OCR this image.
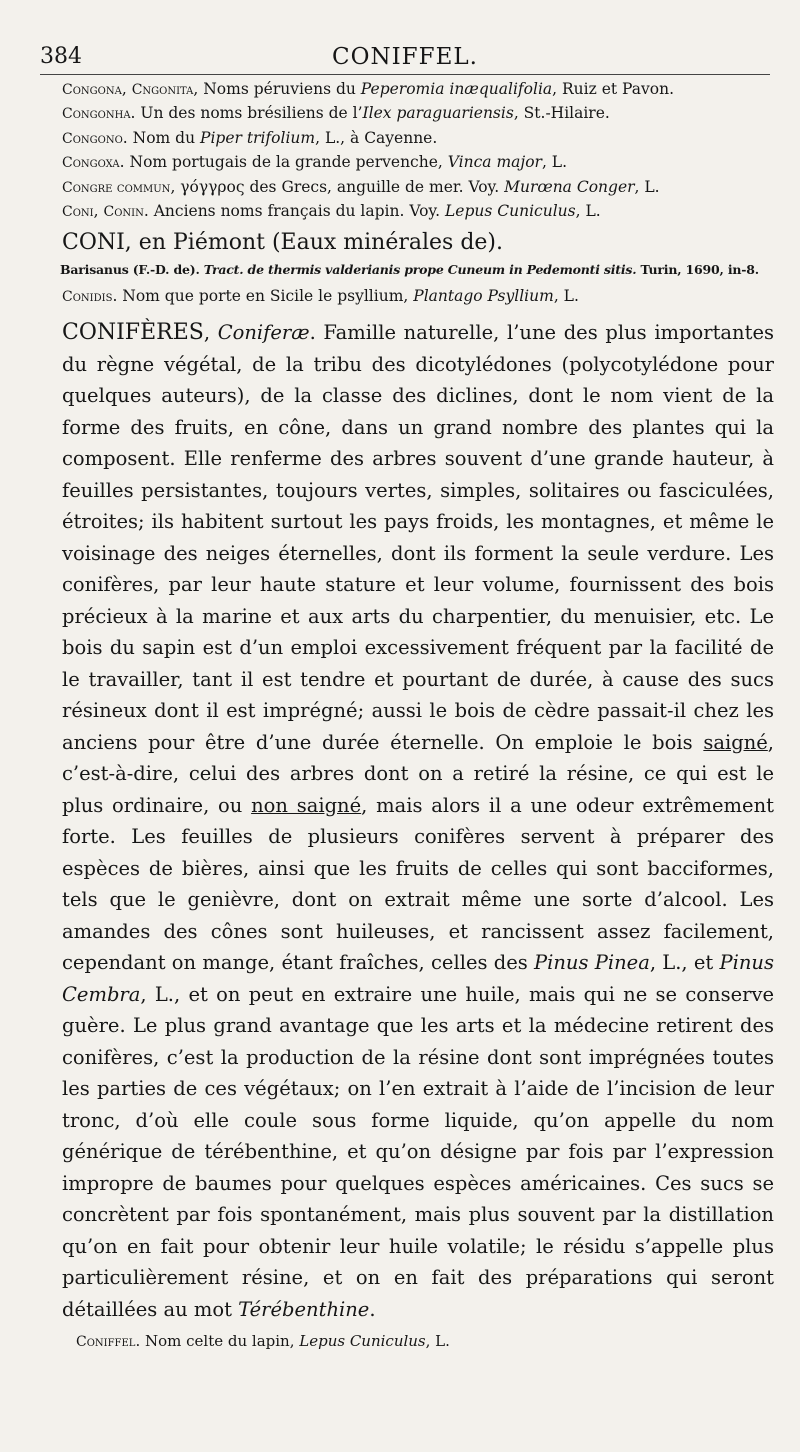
384	CONIFFEL.

Congona, Cngonita, Noms péruviens du Peperomia inæqualifolia, Ruiz et Pavon.

Congonha. Un des noms brésiliens de l’Ilex paraguariensis, St.-Hilaire.

Congono. Nom du Piper trifolium, L., à Cayenne.

Congoxa. Nom portugais de la grande pervenche, Vinca major, L.

Congre commun, γόγγρος des Grecs, anguille de mer. Voy. Murœna Conger, L.

Coni, Conin. Anciens noms français du lapin. Voy. Lepus Cuniculus, L.

CONI, en Piémont (Eaux minérales de).

Barisanus (F.-D. de). Tract. de thermis valderianis prope Cuneum in Pedemonti sitis. Turin, 1690, in-8.

Conidis. Nom que porte en Sicile le psyllium, Plantago Psyllium, L.

CONIFÈRES, Coniferæ. Famille naturelle, l’une des plus importantes du règne végétal, de la tribu des dicotylédones (polycotylédone pour quelques auteurs), de la classe des diclines, dont le nom vient de la forme des fruits, en cône, dans un grand nombre des plantes qui la composent. Elle renferme des arbres souvent d’une grande hauteur, à feuilles persistantes, toujours vertes, simples, solitaires ou fasciculées, étroites; ils habitent surtout les pays froids, les montagnes, et même le voisinage des neiges éternelles, dont ils forment la seule verdure. Les conifères, par leur haute stature et leur volume, fournissent des bois précieux à la marine et aux arts du charpentier, du menuisier, etc. Le bois du sapin est d’un emploi excessivement fréquent par la facilité de le travailler, tant il est tendre et pourtant de durée, à cause des sucs résineux dont il est imprégné; aussi le bois de cèdre passait-il chez les anciens pour être d’une durée éternelle. On emploie le bois saigné, c’est-à-dire, celui des arbres dont on a retiré la résine, ce qui est le plus ordinaire, ou non saigné, mais alors il a une odeur extrêmement forte. Les feuilles de plusieurs conifères servent à préparer des espèces de bières, ainsi que les fruits de celles qui sont bacciformes, tels que le genièvre, dont on extrait même une sorte d’alcool. Les amandes des cônes sont huileuses, et rancissent assez facilement, cependant on mange, étant fraîches, celles des Pinus Pinea, L., et Pinus Cembra, L., et on peut en extraire une huile, mais qui ne se conserve guère. Le plus grand avantage que les arts et la médecine retirent des conifères, c’est la production de la résine dont sont imprégnées toutes les parties de ces végétaux; on l’en extrait à l’aide de l’incision de leur tronc, d’où elle coule sous forme liquide, qu’on appelle du nom générique de térébenthine, et qu’on désigne par fois par l’expression impropre de baumes pour quelques espèces américaines. Ces sucs se concrètent par fois spontanément, mais plus souvent par la distillation qu’on en fait pour obtenir leur huile volatile; le résidu s’appelle plus particulièrement résine, et on en fait des préparations qui seront détaillées au mot Térébenthine.

Coniffel. Nom celte du lapin, Lepus Cuniculus, L.
